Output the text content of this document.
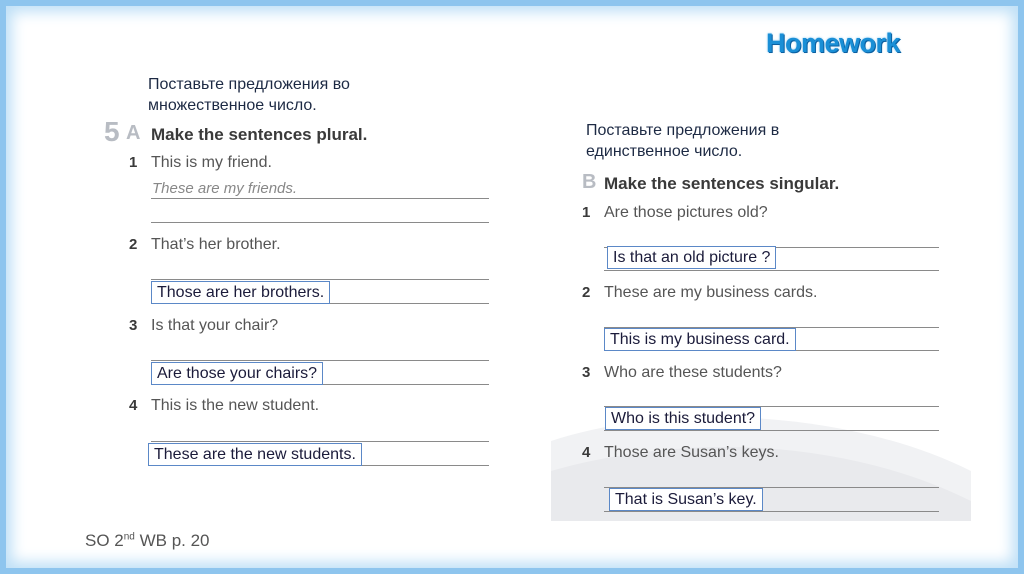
Homework
Поставьте предложения во
множественное число.
5 A Make the sentences plural.
1 This is my friend.
These are my friends.
2 That’s her brother.
Those are her brothers.
3 Is that your chair?
Are those your chairs?
4 This is the new student.
These are the new students.
Поставьте предложения в
единственное число.
B Make the sentences singular.
1 Are those pictures old?
Is that an old picture ?
2 These are my business cards.
This is my business card.
3 Who are these students?
Who is this student?
4 Those are Susan’s keys.
That is Susan’s key.
SO 2nd WB p. 20
